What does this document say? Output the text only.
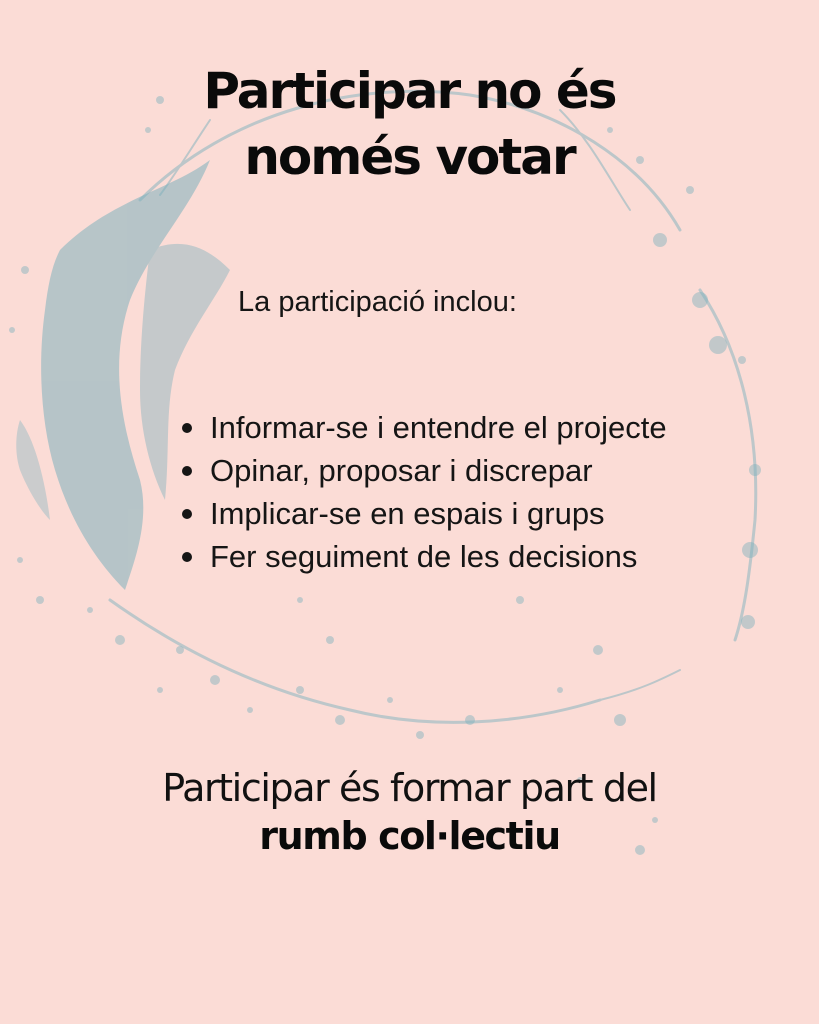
Participar no és
només votar
La participació inclou:
Informar-se i entendre el projecte
Opinar, proposar i discrepar
Implicar-se en espais i grups
Fer seguiment de les decisions
Participar és formar part del
rumb col·lectiu
